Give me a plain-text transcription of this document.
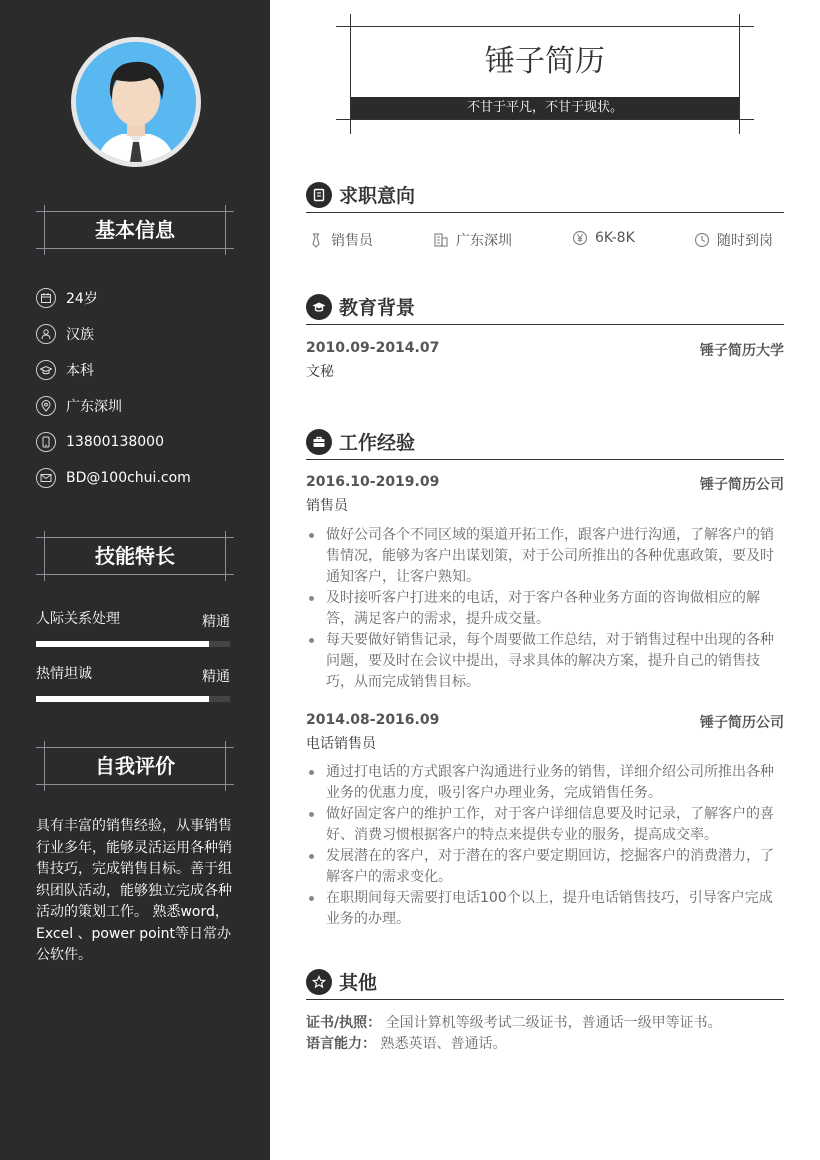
基本信息
24岁
汉族
本科
广东深圳
13800138000
BD@100chui.com
技能特长
人际关系处理	精通
热情坦诚	精通
自我评价
具有丰富的销售经验，从事销售行业多年，能够灵活运用各种销售技巧，完成销售目标。善于组织团队活动，能够独立完成各种活动的策划工作。 熟悉word，Excel 、power point等日常办公软件。
锤子简历
不甘于平凡，不甘于现状。
求职意向
销售员	广东深圳	6K-8K	随时到岗
教育背景
2010.09-2014.07	锤子简历大学
文秘
工作经验
2016.10-2019.09	锤子简历公司
销售员
做好公司各个不同区域的渠道开拓工作，跟客户进行沟通，了解客户的销售情况，能够为客户出谋划策，对于公司所推出的各种优惠政策，要及时通知客户，让客户熟知。
及时接听客户打进来的电话，对于客户各种业务方面的咨询做相应的解答，满足客户的需求，提升成交量。
每天要做好销售记录，每个周要做工作总结，对于销售过程中出现的各种问题，要及时在会议中提出，寻求具体的解决方案，提升自己的销售技巧，从而完成销售目标。
2014.08-2016.09	锤子简历公司
电话销售员
通过打电话的方式跟客户沟通进行业务的销售，详细介绍公司所推出各种业务的优惠力度，吸引客户办理业务，完成销售任务。
做好固定客户的维护工作，对于客户详细信息要及时记录，了解客户的喜好、消费习惯根据客户的特点来提供专业的服务，提高成交率。
发展潜在的客户，对于潜在的客户要定期回访，挖掘客户的消费潜力，了解客户的需求变化。
在职期间每天需要打电话100个以上，提升电话销售技巧，引导客户完成业务的办理。
其他
证书/执照： 全国计算机等级考试二级证书，普通话一级甲等证书。
语言能力： 熟悉英语、普通话。
